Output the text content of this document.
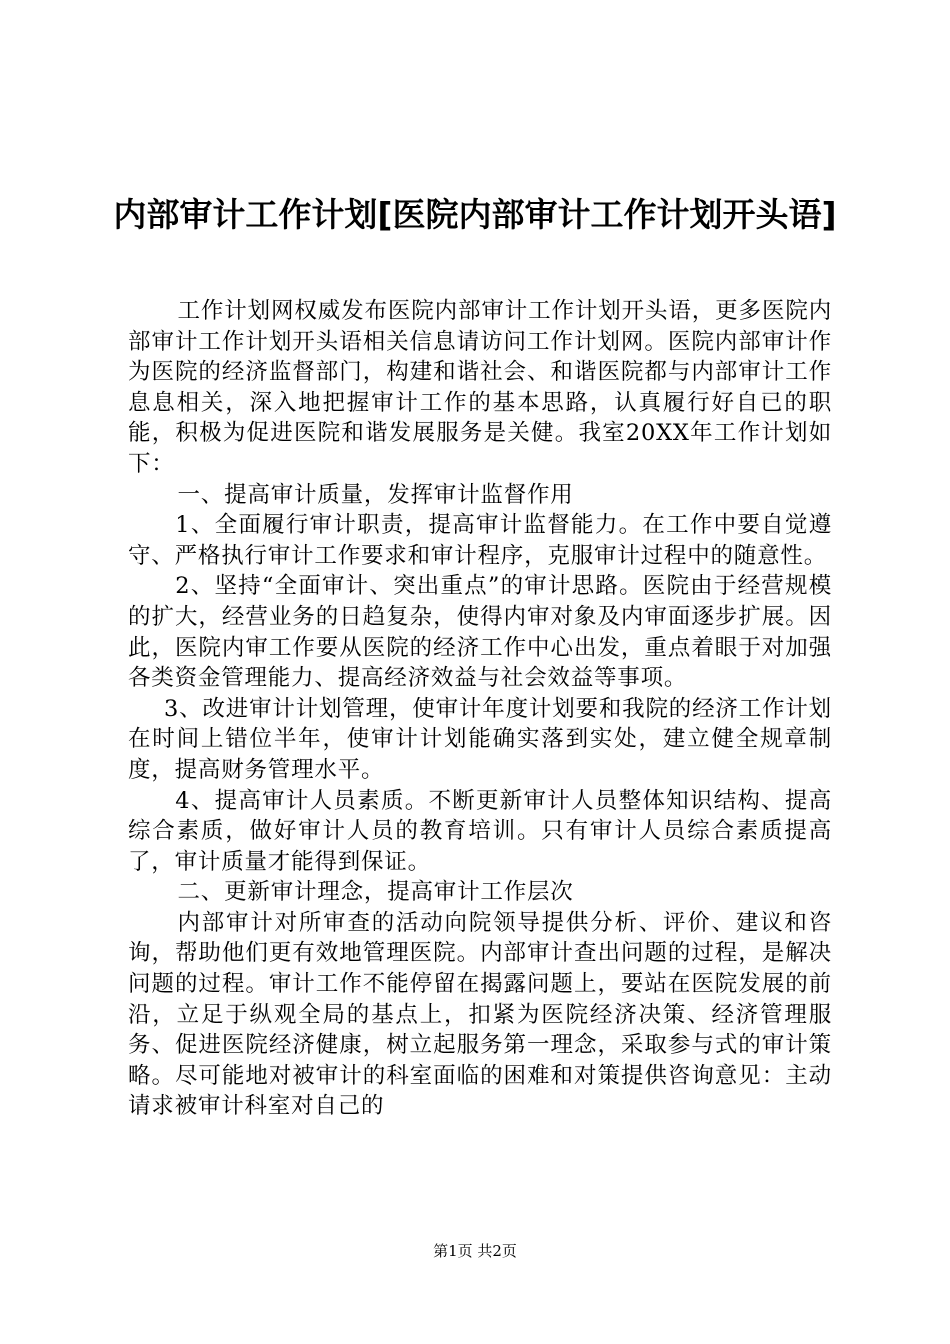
内部审计工作计划[医院内部审计工作计划开头语]

工作计划网权威发布医院内部审计工作计划开头语，更多医院内部审计工作计划开头语相关信息请访问工作计划网。医院内部审计作为医院的经济监督部门，构建和谐社会、和谐医院都与内部审计工作息息相关，深入地把握审计工作的基本思路，认真履行好自已的职能，积极为促进医院和谐发展服务是关健。我室20XX年工作计划如下：

一、提高审计质量，发挥审计监督作用

1、全面履行审计职责，提高审计监督能力。在工作中要自觉遵守、严格执行审计工作要求和审计程序，克服审计过程中的随意性。

2、坚持“全面审计、突出重点”的审计思路。医院由于经营规模的扩大，经营业务的日趋复杂，使得内审对象及内审面逐步扩展。因此，医院内审工作要从医院的经济工作中心出发，重点着眼于对加强各类资金管理能力、提高经济效益与社会效益等事项。

3、改进审计计划管理，使审计年度计划要和我院的经济工作计划在时间上错位半年，使审计计划能确实落到实处，建立健全规章制度，提高财务管理水平。

4、提高审计人员素质。不断更新审计人员整体知识结构、提高综合素质，做好审计人员的教育培训。只有审计人员综合素质提高了，审计质量才能得到保证。

二、更新审计理念，提高审计工作层次

内部审计对所审查的活动向院领导提供分析、评价、建议和咨询，帮助他们更有效地管理医院。内部审计查出问题的过程，是解决问题的过程。审计工作不能停留在揭露问题上，要站在医院发展的前沿，立足于纵观全局的基点上，扣紧为医院经济决策、经济管理服务、促进医院经济健康，树立起服务第一理念，采取参与式的审计策略。尽可能地对被审计的科室面临的困难和对策提供咨询意见：主动请求被审计科室对自己的

第1页 共2页
